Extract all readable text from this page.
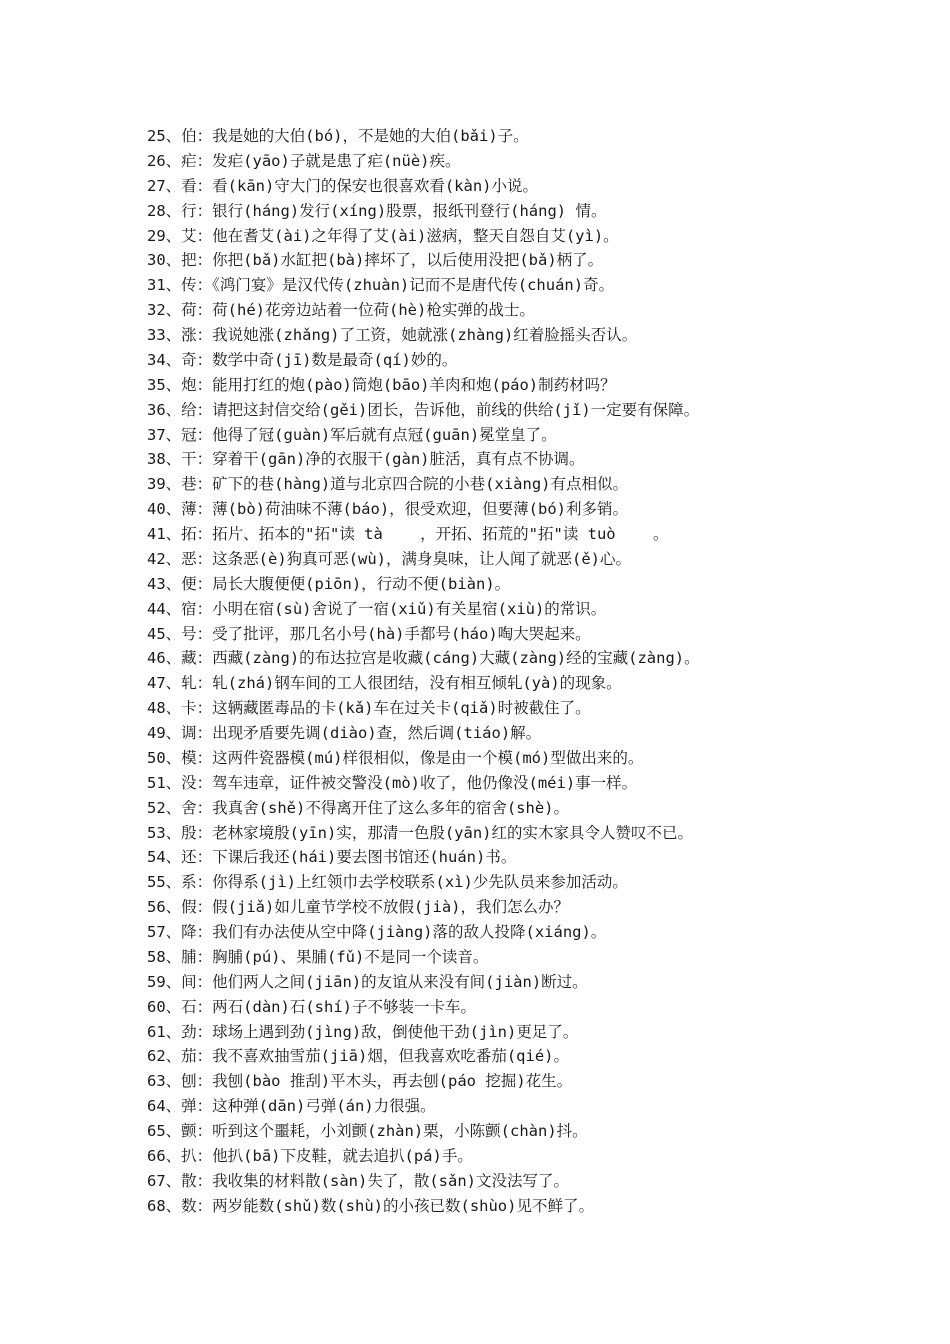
25、伯：我是她的大伯(bó)，不是她的大伯(bǎi)子。
26、疟：发疟(yāo)子就是患了疟(nüè)疾。
27、看：看(kān)守大门的保安也很喜欢看(kàn)小说。
28、行：银行(háng)发行(xíng)股票，报纸刊登行(háng) 情。
29、艾：他在耆艾(ài)之年得了艾(ài)滋病，整天自怨自艾(yì)。
30、把：你把(bǎ)水缸把(bà)摔坏了，以后使用没把(bǎ)柄了。
31、传：《鸿门宴》是汉代传(zhuàn)记而不是唐代传(chuán)奇。
32、荷：荷(hé)花旁边站着一位荷(hè)枪实弹的战士。
33、涨：我说她涨(zhǎng)了工资，她就涨(zhàng)红着脸摇头否认。
34、奇：数学中奇(jī)数是最奇(qí)妙的。
35、炮：能用打红的炮(pào)筒炮(bāo)羊肉和炮(páo)制药材吗？
36、给：请把这封信交给(gěi)团长，告诉他，前线的供给(jǐ)一定要有保障。
37、冠：他得了冠(guàn)军后就有点冠(guān)冕堂皇了。
38、干：穿着干(gān)净的衣服干(gàn)脏活，真有点不协调。
39、巷：矿下的巷(hàng)道与北京四合院的小巷(xiàng)有点相似。
40、薄：薄(bò)荷油味不薄(báo)，很受欢迎，但要薄(bó)利多销。
41、拓：拓片、拓本的"拓"读 tà    ，开拓、拓荒的"拓"读 tuò    。
42、恶：这条恶(è)狗真可恶(wù)，满身臭味，让人闻了就恶(ě)心。
43、便：局长大腹便便(piōn)，行动不便(biàn)。
44、宿：小明在宿(sù)舍说了一宿(xiǔ)有关星宿(xiù)的常识。
45、号：受了批评，那几名小号(hà)手都号(háo)啕大哭起来。
46、藏：西藏(zàng)的布达拉宫是收藏(cáng)大藏(zàng)经的宝藏(zàng)。
47、轧：轧(zhá)钢车间的工人很团结，没有相互倾轧(yà)的现象。
48、卡：这辆藏匿毒品的卡(kǎ)车在过关卡(qiǎ)时被截住了。
49、调：出现矛盾要先调(diào)查，然后调(tiáo)解。
50、模：这两件瓷器模(mú)样很相似，像是由一个模(mó)型做出来的。
51、没：驾车违章，证件被交警没(mò)收了，他仍像没(méi)事一样。
52、舍：我真舍(shě)不得离开住了这么多年的宿舍(shè)。
53、殷：老林家境殷(yīn)实，那清一色殷(yān)红的实木家具令人赞叹不已。
54、还：下课后我还(hái)要去图书馆还(huán)书。
55、系：你得系(jì)上红领巾去学校联系(xì)少先队员来参加活动。
56、假：假(jiǎ)如儿童节学校不放假(jià)，我们怎么办？
57、降：我们有办法使从空中降(jiàng)落的敌人投降(xiáng)。
58、脯：胸脯(pú)、果脯(fǔ)不是同一个读音。
59、间：他们两人之间(jiān)的友谊从来没有间(jiàn)断过。
60、石：两石(dàn)石(shí)子不够装一卡车。
61、劲：球场上遇到劲(jìng)敌，倒使他干劲(jìn)更足了。
62、茄：我不喜欢抽雪茄(jiā)烟，但我喜欢吃番茄(qié)。
63、刨：我刨(bào 推刮)平木头，再去刨(páo 挖掘)花生。
64、弹：这种弹(dān)弓弹(án)力很强。
65、颤：听到这个噩耗，小刘颤(zhàn)栗，小陈颤(chàn)抖。
66、扒：他扒(bā)下皮鞋，就去追扒(pá)手。
67、散：我收集的材料散(sàn)失了，散(sǎn)文没法写了。
68、数：两岁能数(shǔ)数(shù)的小孩已数(shùo)见不鲜了。
